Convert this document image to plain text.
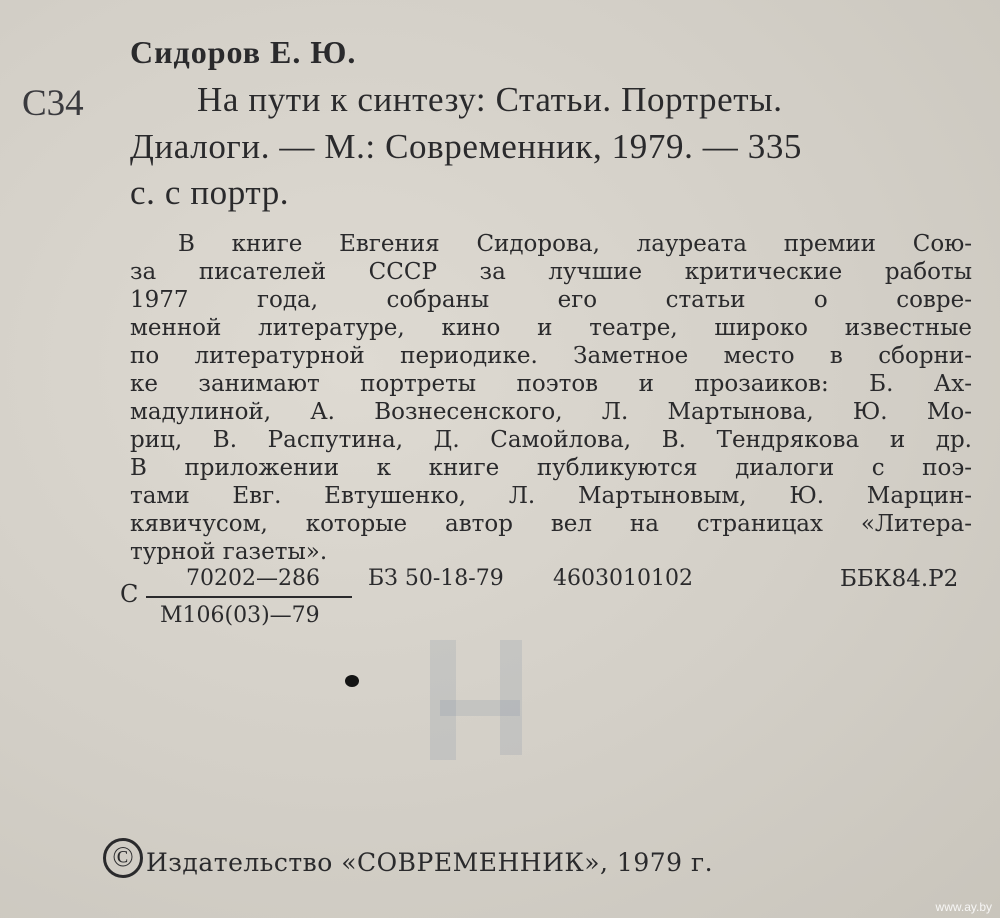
Сидоров Е. Ю.
С34	На пути к синтезу: Статьи. Портреты.
Диалоги. — М.: Современник, 1979. — 335
с. с портр.
В книге Евгения Сидорова, лауреата премии Сою-
за писателей СССР за лучшие критические работы
1977 года, собраны его статьи о совре-
менной литературе, кино и театре, широко известные
по литературной периодике. Заметное место в сборни-
ке занимают портреты поэтов и прозаиков: Б. Ах-
мадулиной, А. Вознесенского, Л. Мартынова, Ю. Мо-
риц, В. Распутина, Д. Самойлова, В. Тендрякова и др.
В приложении к книге публикуются диалоги с поэ-
тами Евг. Евтушенко, Л. Мартыновым, Ю. Марцин-
кявичусом, которые автор вел на страницах «Литера-
турной газеты».
С
70202—286
М106(03)—79
БЗ 50-18-79 4603010102	ББК84.Р2
© Издательство «СОВРЕМЕННИК», 1979 г.
www.ay.by
